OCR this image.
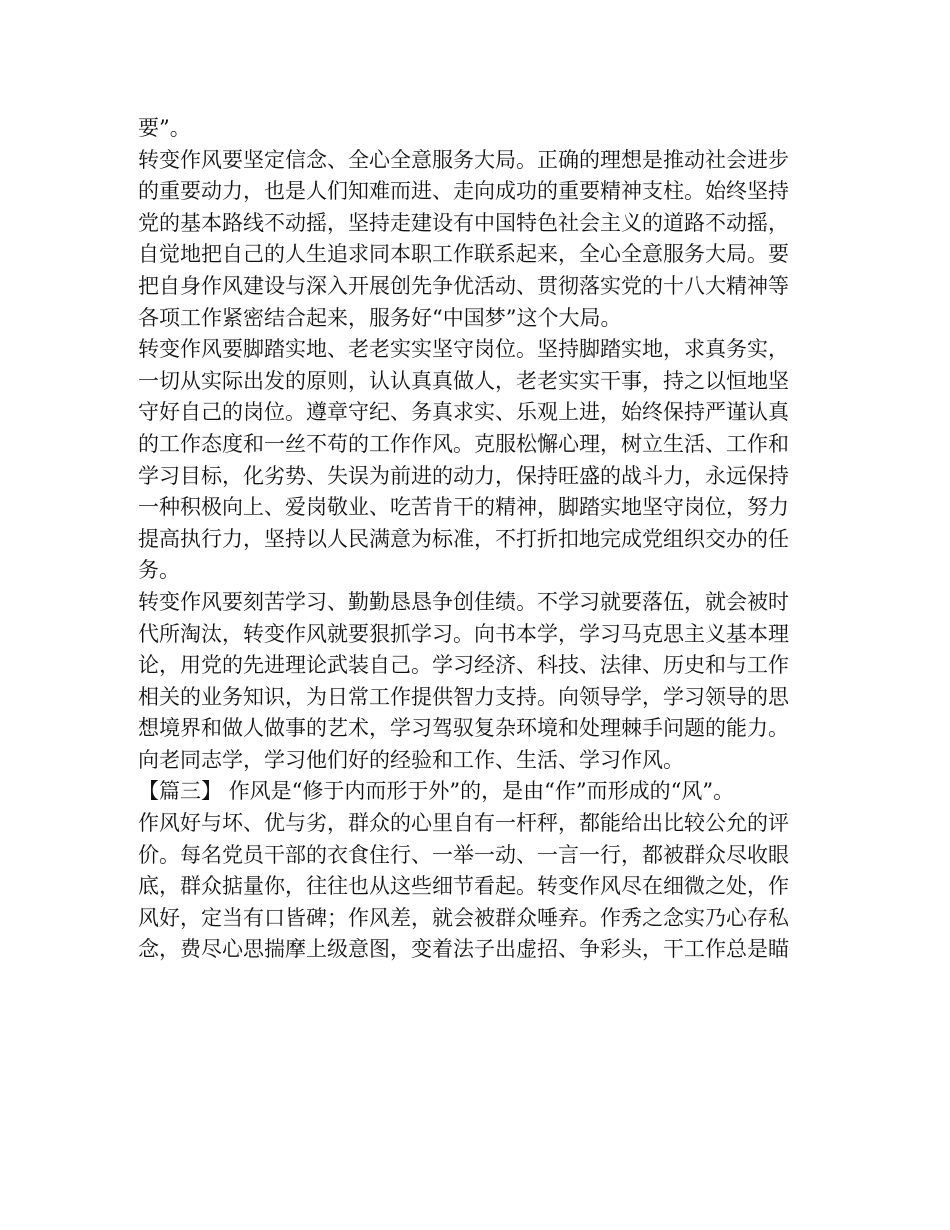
要”。
转变作风要坚定信念、全心全意服务大局。正确的理想是推动社会进步
的重要动力，也是人们知难而进、走向成功的重要精神支柱。始终坚持
党的基本路线不动摇，坚持走建设有中国特色社会主义的道路不动摇，
自觉地把自己的人生追求同本职工作联系起来，全心全意服务大局。要
把自身作风建设与深入开展创先争优活动、贯彻落实党的十八大精神等
各项工作紧密结合起来，服务好“中国梦”这个大局。
转变作风要脚踏实地、老老实实坚守岗位。坚持脚踏实地，求真务实，
一切从实际出发的原则，认认真真做人，老老实实干事，持之以恒地坚
守好自己的岗位。遵章守纪、务真求实、乐观上进，始终保持严谨认真
的工作态度和一丝不苟的工作作风。克服松懈心理，树立生活、工作和
学习目标，化劣势、失误为前进的动力，保持旺盛的战斗力，永远保持
一种积极向上、爱岗敬业、吃苦肯干的精神，脚踏实地坚守岗位，努力
提高执行力，坚持以人民满意为标准，不打折扣地完成党组织交办的任
务。
转变作风要刻苦学习、勤勤恳恳争创佳绩。不学习就要落伍，就会被时
代所淘汰，转变作风就要狠抓学习。向书本学，学习马克思主义基本理
论，用党的先进理论武装自己。学习经济、科技、法律、历史和与工作
相关的业务知识，为日常工作提供智力支持。向领导学，学习领导的思
想境界和做人做事的艺术，学习驾驭复杂环境和处理棘手问题的能力。
向老同志学，学习他们好的经验和工作、生活、学习作风。
【篇三】 作风是“修于内而形于外”的，是由“作”而形成的“风”。
作风好与坏、优与劣，群众的心里自有一杆秤，都能给出比较公允的评
价。每名党员干部的衣食住行、一举一动、一言一行，都被群众尽收眼
底，群众掂量你，往往也从这些细节看起。转变作风尽在细微之处，作
风好，定当有口皆碑；作风差，就会被群众唾弃。作秀之念实乃心存私
念，费尽心思揣摩上级意图，变着法子出虚招、争彩头，干工作总是瞄
